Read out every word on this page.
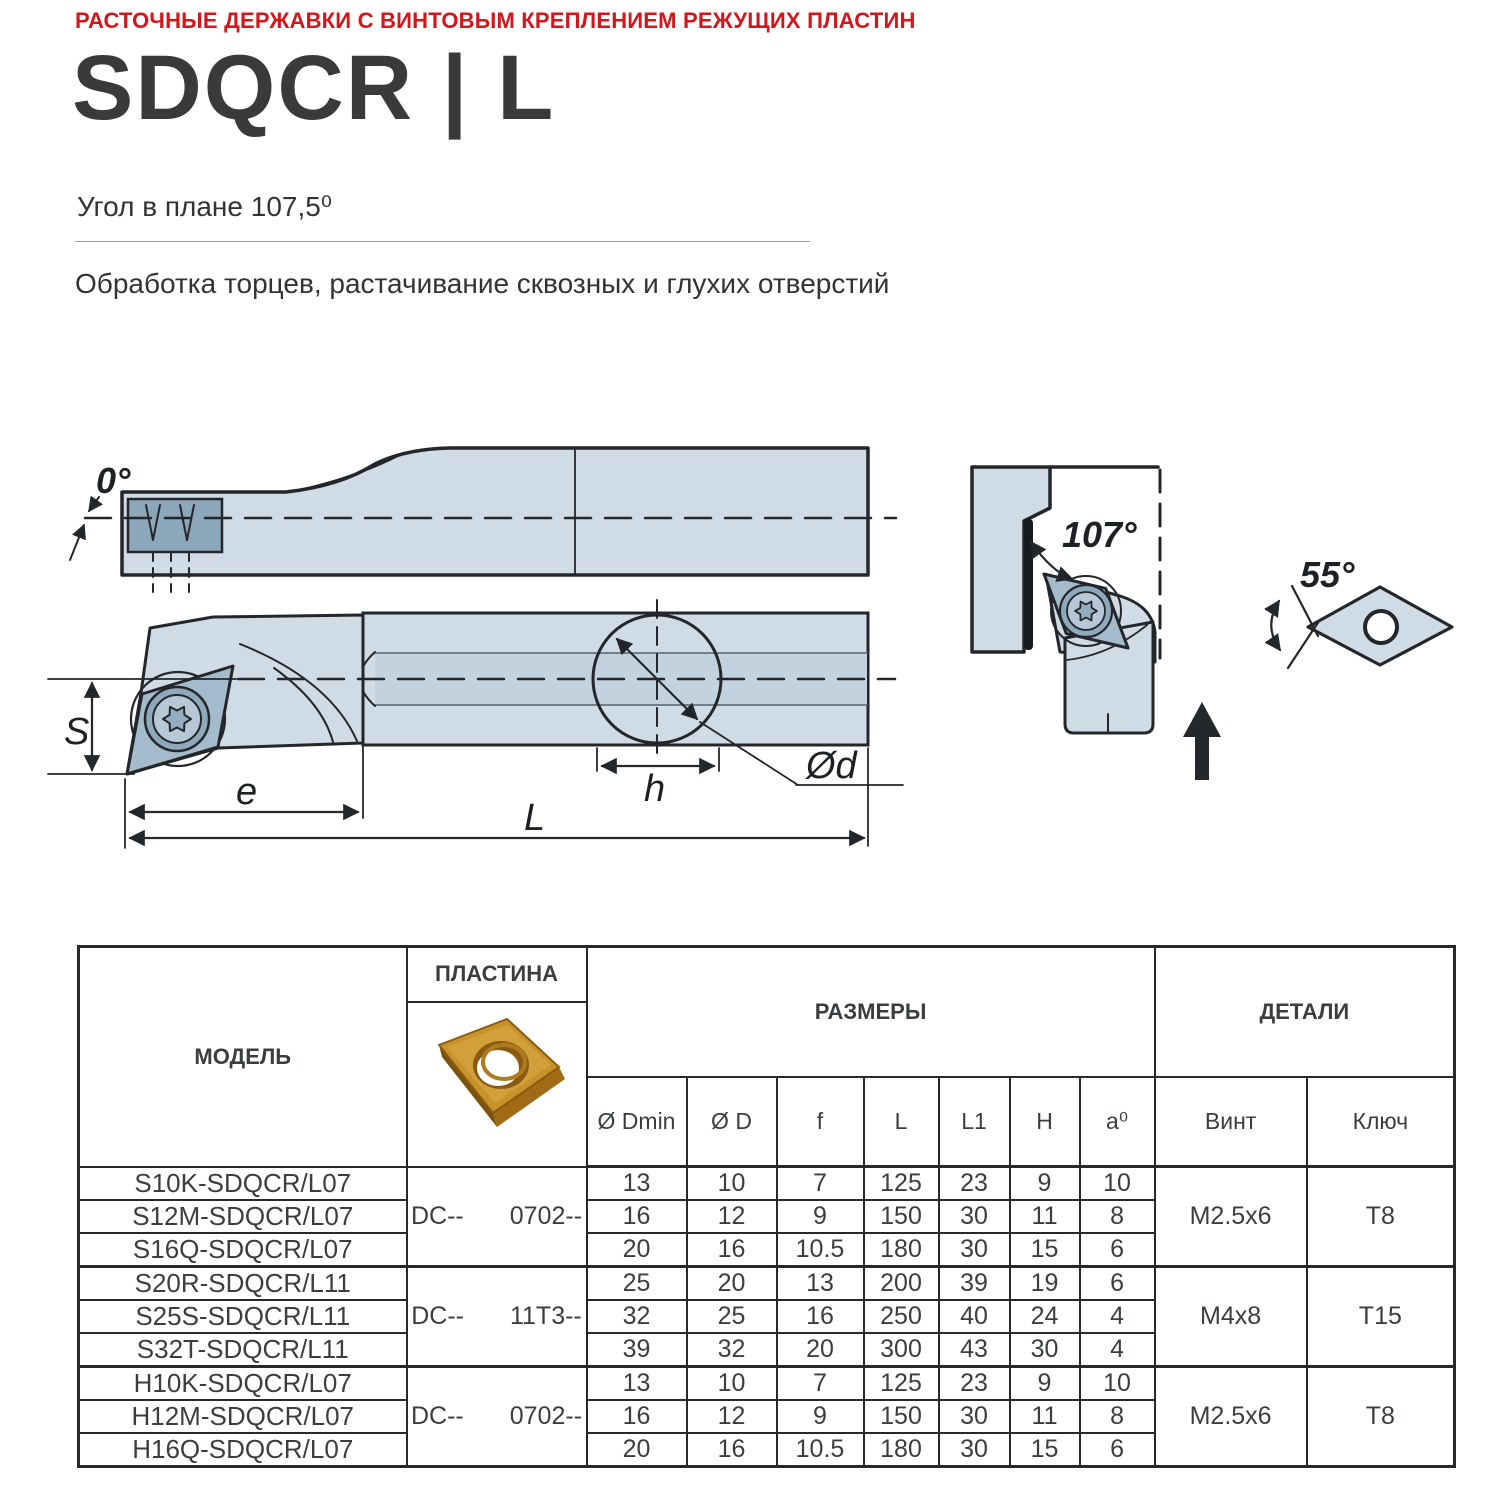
РАСТОЧНЫЕ ДЕРЖАВКИ С ВИНТОВЫМ КРЕПЛЕНИЕМ РЕЖУЩИХ ПЛАСТИН
SDQCR | L
Угол в плане 107,5⁰
Обработка торцев, растачивание сквозных и глухих отверстий
0°
S
e
L
h
Ød
107°
55°
МОДЕЛЬ	ПЛАСТИНА	РАЗМЕРЫ							ДЕТАЛИ	

		Ø Dmin	Ø D	f	L	L1	H	a⁰	Винт	Ключ
S10K-SDQCR/L07	DC-- 0702--	13	10	7	125	23	9	10	M2.5x6	T8
S12M-SDQCR/L07		16	12	9	150	30	11	8		
S16Q-SDQCR/L07		20	16	10.5	180	30	15	6		
S20R-SDQCR/L11	DC-- 11T3--	25	20	13	200	39	19	6	M4x8	T15
S25S-SDQCR/L11		32	25	16	250	40	24	4		
S32T-SDQCR/L11		39	32	20	300	43	30	4		
H10K-SDQCR/L07	DC-- 0702--	13	10	7	125	23	9	10	M2.5x6	T8
H12M-SDQCR/L07		16	12	9	150	30	11	8		
H16Q-SDQCR/L07		20	16	10.5	180	30	15	6		
